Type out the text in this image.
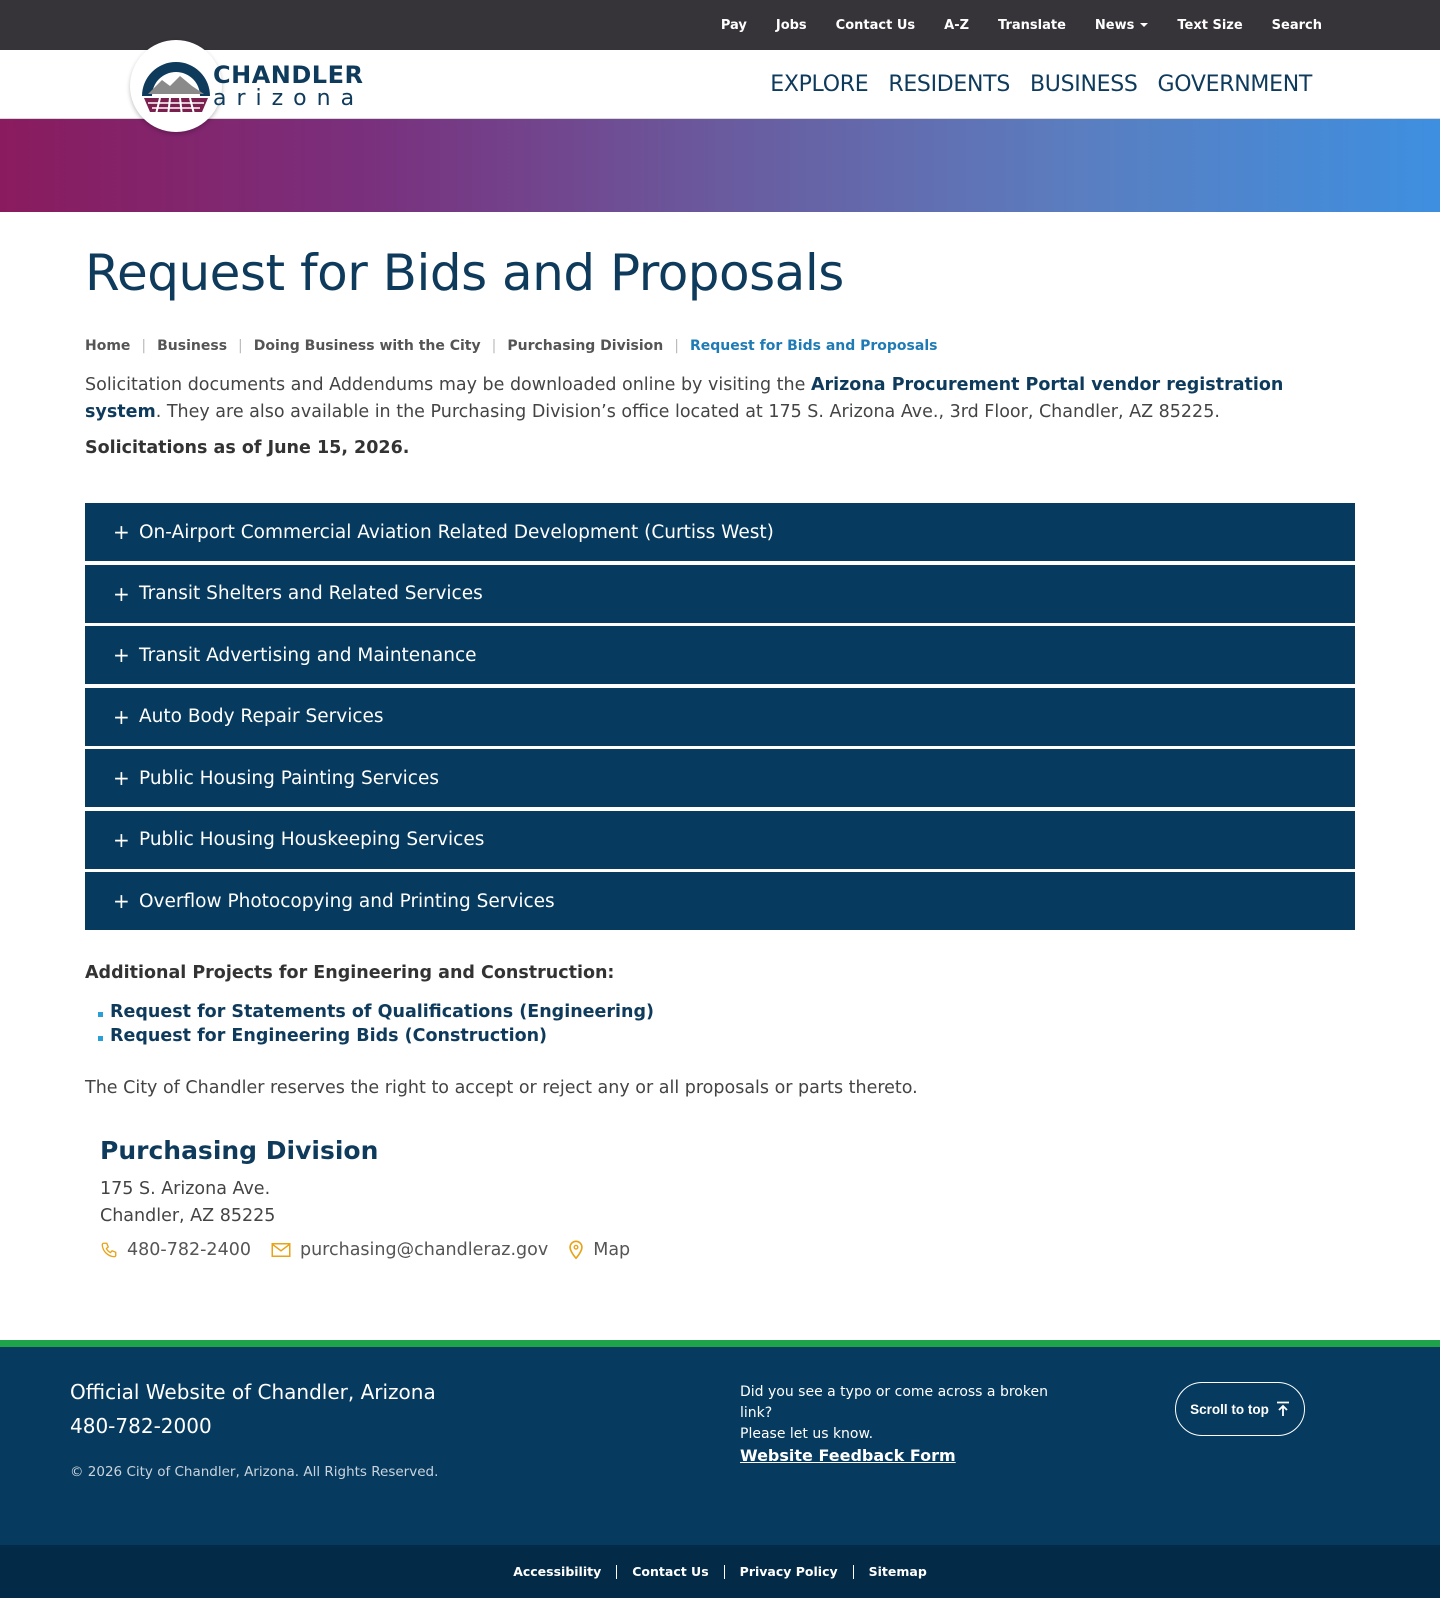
Pay Jobs Contact Us A-Z Translate News	Text Size Search
CHANDLER
arizona
EXPLORE RESIDENTS BUSINESS GOVERNMENT
Request for Bids and Proposals
Home | Business | Doing Business with the City | Purchasing Division | Request for Bids and Proposals

Solicitation documents and Addendums may be downloaded online by visiting the Arizona Procurement Portal vendor registration system. They are also available in the Purchasing Division’s office located at 175 S. Arizona Ave., 3rd Floor, Chandler, AZ 85225.

Solicitations as of June 15, 2026.

+ On-Airport Commercial Aviation Related Development (Curtiss West)
+ Transit Shelters and Related Services
+ Transit Advertising and Maintenance
+ Auto Body Repair Services
+ Public Housing Painting Services
+ Public Housing Houskeeping Services
+ Overflow Photocopying and Printing Services

Additional Projects for Engineering and Construction:

Request for Statements of Qualifications (Engineering)
Request for Engineering Bids (Construction)

The City of Chandler reserves the right to accept or reject any or all proposals or parts thereto.

Purchasing Division
175 S. Arizona Ave.
Chandler, AZ 85225
480-782-2400	purchasing@chandleraz.gov	Map
Official Website of Chandler, Arizona
480-782-2000
© 2026 City of Chandler, Arizona. All Rights Reserved.
Did you see a typo or come across a broken link?
Please let us know.
Website Feedback Form
Scroll to top
Accessibility	Contact Us	Privacy Policy	Sitemap
